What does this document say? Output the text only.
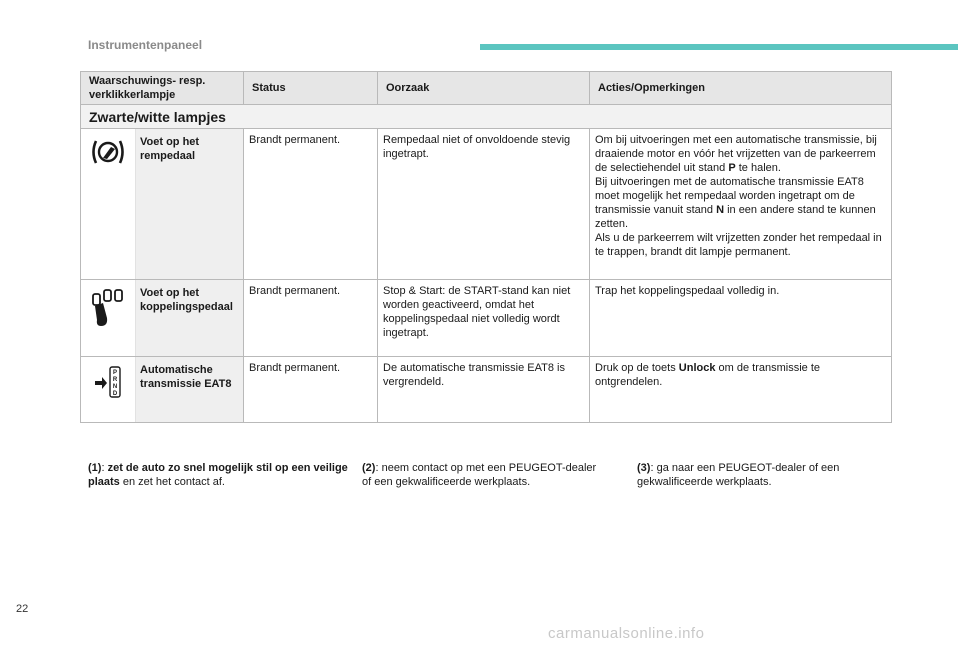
Instrumentenpaneel
Waarschuwings- resp.
verklikkerlampje	Status	Oorzaak	Acties/Opmerkingen
Zwarte/witte lampjes			

Voet op het rempedaal	Brandt permanent.	Rempedaal niet of onvoldoende stevig ingetrapt.	Om bij uitvoeringen met een automatische transmissie, bij draaiende motor en vóór het vrijzetten van de parkeerrem de selectiehendel uit stand P te halen.
Bij uitvoeringen met de automatische transmissie EAT8 moet mogelijk het rempedaal worden ingetrapt om de transmissie vanuit stand N in een andere stand te kunnen zetten.
Als u de parkeerrem wilt vrijzetten zonder het rempedaal in te trappen, brandt dit lampje permanent.

Voet op het koppelingspedaal	Brandt permanent.	Stop & Start: de START-stand kan niet worden geactiveerd, omdat het koppelingspedaal niet volledig wordt ingetrapt.	Trap het koppelingspedaal volledig in.

P
R
N
D
Automatische transmissie EAT8	Brandt permanent.	De automatische transmissie EAT8 is vergrendeld.	Druk op de toets Unlock om de transmissie te ontgrendelen.
(1): zet de auto zo snel mogelijk stil op een veilige plaats en zet het contact af.
(2): neem contact op met een PEUGEOT-dealer of een gekwalificeerde werkplaats.
(3): ga naar een PEUGEOT-dealer of een gekwalificeerde werkplaats.
22
carmanualsonline.info
